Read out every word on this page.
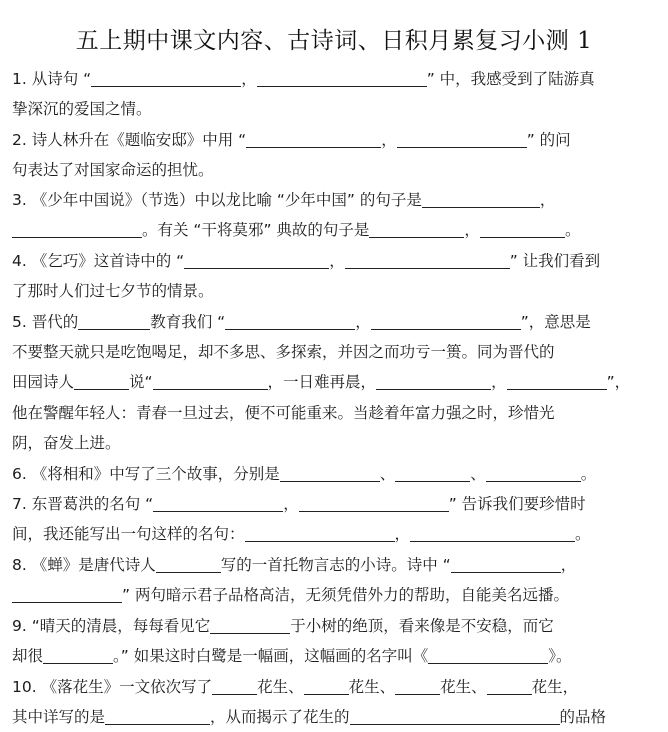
五上期中课文内容、古诗词、日积月累复习小测 1
1. 从诗句 “	，	” 中，我感受到了陆游真
挚深沉的爱国之情。
2. 诗人林升在《题临安邸》中用 “	，	” 的问
句表达了对国家命运的担忧。
3. 《少年中国说》（节选）中以龙比喻 “少年中国” 的句子是	，
。有关 “干将莫邪” 典故的句子是	，	。
4. 《乞巧》这首诗中的 “	，	” 让我们看到
了那时人们过七夕节的情景。
5. 晋代的	教育我们 “	，	”，意思是
不要整天就只是吃饱喝足，却不多思、多探索，并因之而功亏一篑。同为晋代的
田园诗人	说“	，一日难再晨，	，	”，
他在警醒年轻人：青春一旦过去，便不可能重来。当趁着年富力强之时，珍惜光
阴，奋发上进。
6. 《将相和》中写了三个故事，分别是	、	、	。
7. 东晋葛洪的名句 “	，	” 告诉我们要珍惜时
间，我还能写出一句这样的名句：	，	。
8. 《蝉》是唐代诗人	写的一首托物言志的小诗。诗中 “	，
” 两句暗示君子品格高洁，无须凭借外力的帮助，自能美名远播。
9. “晴天的清晨，每每看见它	于小树的绝顶，看来像是不安稳，而它
却很	。” 如果这时白鹭是一幅画，这幅画的名字叫《	》。
10. 《落花生》一文依次写了	花生、	花生、	花生、	花生，
其中详写的是	，从而揭示了花生的	的品格
